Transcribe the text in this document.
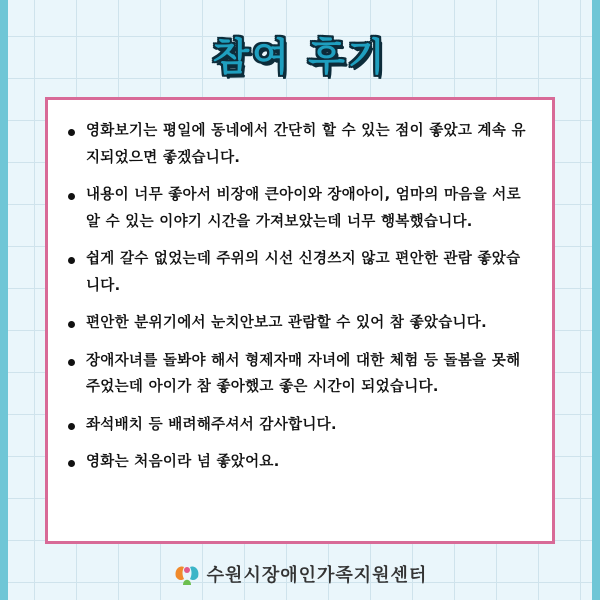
참여 후기
영화보기는 평일에 동네에서 간단히 할 수 있는 점이 좋았고 계속 유지되었으면 좋겠습니다.
내용이 너무 좋아서 비장애 큰아이와 장애아이, 엄마의 마음을 서로 알 수 있는 이야기 시간을 가져보았는데 너무 행복했습니다.
쉽게 갈수 없었는데 주위의 시선 신경쓰지 않고 편안한 관람 좋았습니다.
편안한 분위기에서 눈치안보고 관람할 수 있어 참 좋았습니다.
장애자녀를 돌봐야 해서 형제자매 자녀에 대한 체험 등 돌봄을 못해주었는데 아이가 참 좋아했고 좋은 시간이 되었습니다.
좌석배치 등 배려해주셔서 감사합니다.
영화는 처음이라 넘 좋았어요.
수원시장애인가족지원센터
